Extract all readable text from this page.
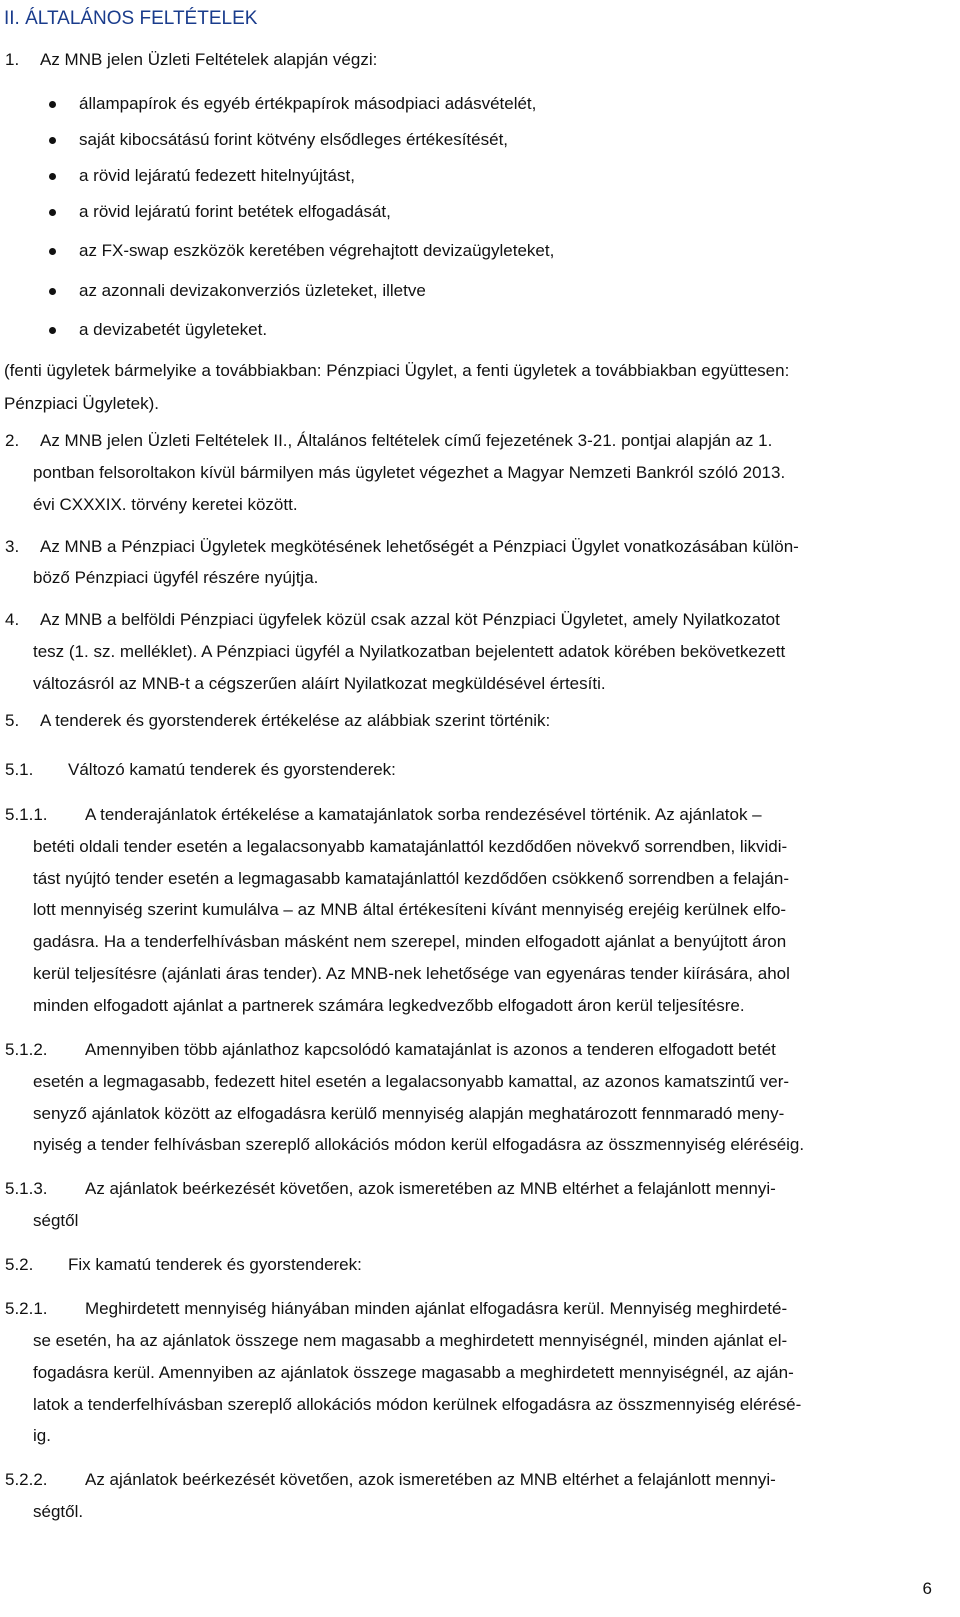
II. ÁLTALÁNOS FELTÉTELEK
1. Az MNB jelen Üzleti Feltételek alapján végzi:
állampapírok és egyéb értékpapírok másodpiaci adásvételét,
saját kibocsátású forint kötvény elsődleges értékesítését,
a rövid lejáratú fedezett hitelnyújtást,
a rövid lejáratú forint betétek elfogadását,
az FX-swap eszközök keretében végrehajtott devizaügyleteket,
az azonnali devizakonverziós üzleteket, illetve
a devizabetét ügyleteket.
(fenti ügyletek bármelyike a továbbiakban: Pénzpiaci Ügylet, a fenti ügyletek a továbbiakban együttesen:
Pénzpiaci Ügyletek).
2. Az MNB jelen Üzleti Feltételek II., Általános feltételek című fejezetének 3-21. pontjai alapján az 1.
pontban felsoroltakon kívül bármilyen más ügyletet végezhet a Magyar Nemzeti Bankról szóló 2013.
évi CXXXIX. törvény keretei között.
3. Az MNB a Pénzpiaci Ügyletek megkötésének lehetőségét a Pénzpiaci Ügylet vonatkozásában külön-
böző Pénzpiaci ügyfél részére nyújtja.
4. Az MNB a belföldi Pénzpiaci ügyfelek közül csak azzal köt Pénzpiaci Ügyletet, amely Nyilatkozatot
tesz (1. sz. melléklet). A Pénzpiaci ügyfél a Nyilatkozatban bejelentett adatok körében bekövetkezett
változásról az MNB-t a cégszerűen aláírt Nyilatkozat megküldésével értesíti.
5. A tenderek és gyorstenderek értékelése az alábbiak szerint történik:
5.1. Változó kamatú tenderek és gyorstenderek:
5.1.1. A tenderajánlatok értékelése a kamatajánlatok sorba rendezésével történik. Az ajánlatok –
betéti oldali tender esetén a legalacsonyabb kamatajánlattól kezdődően növekvő sorrendben, likvidi-
tást nyújtó tender esetén a legmagasabb kamatajánlattól kezdődően csökkenő sorrendben a felaján-
lott mennyiség szerint kumulálva – az MNB által értékesíteni kívánt mennyiség erejéig kerülnek elfo-
gadásra. Ha a tenderfelhívásban másként nem szerepel, minden elfogadott ajánlat a benyújtott áron
kerül teljesítésre (ajánlati áras tender). Az MNB-nek lehetősége van egyenáras tender kiírására, ahol
minden elfogadott ajánlat a partnerek számára legkedvezőbb elfogadott áron kerül teljesítésre.
5.1.2. Amennyiben több ajánlathoz kapcsolódó kamatajánlat is azonos a tenderen elfogadott betét
esetén a legmagasabb, fedezett hitel esetén a legalacsonyabb kamattal, az azonos kamatszintű ver-
senyző ajánlatok között az elfogadásra kerülő mennyiség alapján meghatározott fennmaradó meny-
nyiség a tender felhívásban szereplő allokációs módon kerül elfogadásra az összmennyiség eléréséig.
5.1.3. Az ajánlatok beérkezését követően, azok ismeretében az MNB eltérhet a felajánlott mennyi-
ségtől
5.2. Fix kamatú tenderek és gyorstenderek:
5.2.1. Meghirdetett mennyiség hiányában minden ajánlat elfogadásra kerül. Mennyiség meghirdeté-
se esetén, ha az ajánlatok összege nem magasabb a meghirdetett mennyiségnél, minden ajánlat el-
fogadásra kerül. Amennyiben az ajánlatok összege magasabb a meghirdetett mennyiségnél, az aján-
latok a tenderfelhívásban szereplő allokációs módon kerülnek elfogadásra az összmennyiség elérésé-
ig.
5.2.2. Az ajánlatok beérkezését követően, azok ismeretében az MNB eltérhet a felajánlott mennyi-
ségtől.
6
